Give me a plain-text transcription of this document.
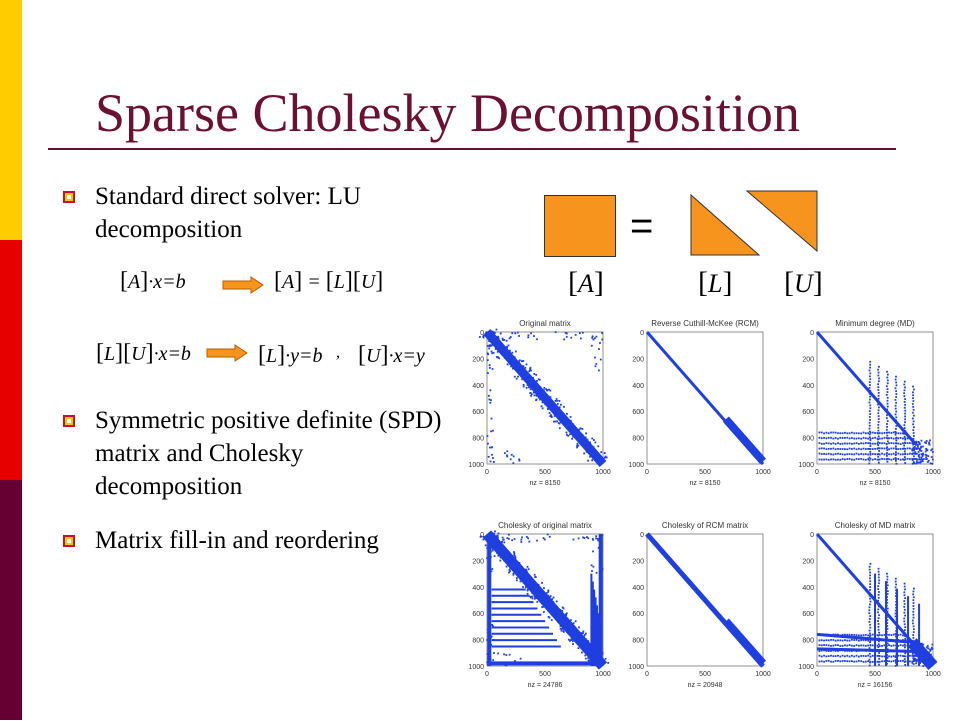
Sparse Cholesky Decomposition
Standard direct solver: LU decomposition
Symmetric positive definite (SPD) matrix and Cholesky decomposition
Matrix fill-in and reordering
[A]·x=b	[A] = [L][U]
[L][U]·x=b	[L]·y=b , [U]·x=y
=
[A]	[L] [U]
Original matrix
0
200
400
600
800
1000
0	500	1000
nz = 8150
Reverse Cuthill-McKee (RCM)
0
200
400
600
800
1000
0	500	1000
nz = 8150
Minimum degree (MD)
0
200
400
600
800
1000
0	500	1000
nz = 8150
Cholesky of original matrix
0
200
400
600
800
1000
0	500	1000
nz = 24786
Cholesky of RCM matrix
0
200
400
600
800
1000
0	500	1000
nz = 20948
Cholesky of MD matrix
0
200
400
600
800
1000
0	500	1000
nz = 16156
